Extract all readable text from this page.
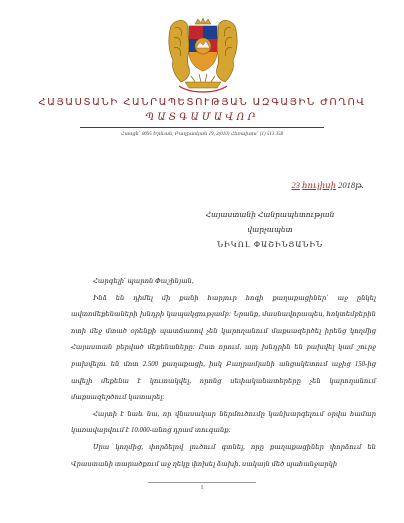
ՀԱՅԱՍՏԱՆԻ ՀԱՆՐԱՊԵՏՈՒԹՅԱՆ ԱԶԳԱՅԻՆ ԺՈՂՈՎ
ՊԱՏԳԱՄԱՎՈՐ
Հասցե՝ 0095 Երևան, Բաղրամյան 19, 2(010) Հեռախոս՝ (1) 513 358
23 հուլիսի 2018թ.
Հայաստանի Հանրապետության
վարչապետ
ՆԻԿՈԼ ՓԱՇԻՆՅԱՆԻՆ

Հարգելի՛ պարոն Փաշինյան,

Ինձ են դիմել մի քանի հարյուր հոգի քաղաքացիներ՝ աջ ընկել ավտոմեքենաների խնդրի կապակցությամբ: Նրանք, մասնավորապես, հոկտեմբերին ոտի մեջ մտած օրենքի պատճառով չեն կարողանում մաքսազերծել իրենց կողմից Հայաստան բերված մեքենաները: Ըստ որում, այդ խնդրին են բախվել կամ շուրջ բախվելու են մոտ 2.500 քաղաքացի, իսկ Բաղրամյանի անցակետում աջից 150-ից ավելի մեքենա է կուտակվել, որոնց սեփականատերերը չեն կարողանում մաքսազերծում կատարել:

Հայտի է նաև նա, որ վնասակար ներմուծումը կանխարգելում օրվա համար կառավարվում է 10.000-անոց դրամ տուգանք:

Սրա կողմից, փորձելով լուծում գտնել, որը քաղաքացիներ փորձում են Վրաստանի տարածքում աջ ղեկը փոխել ձախի, սակայն մեծ պահանջարկի

1
